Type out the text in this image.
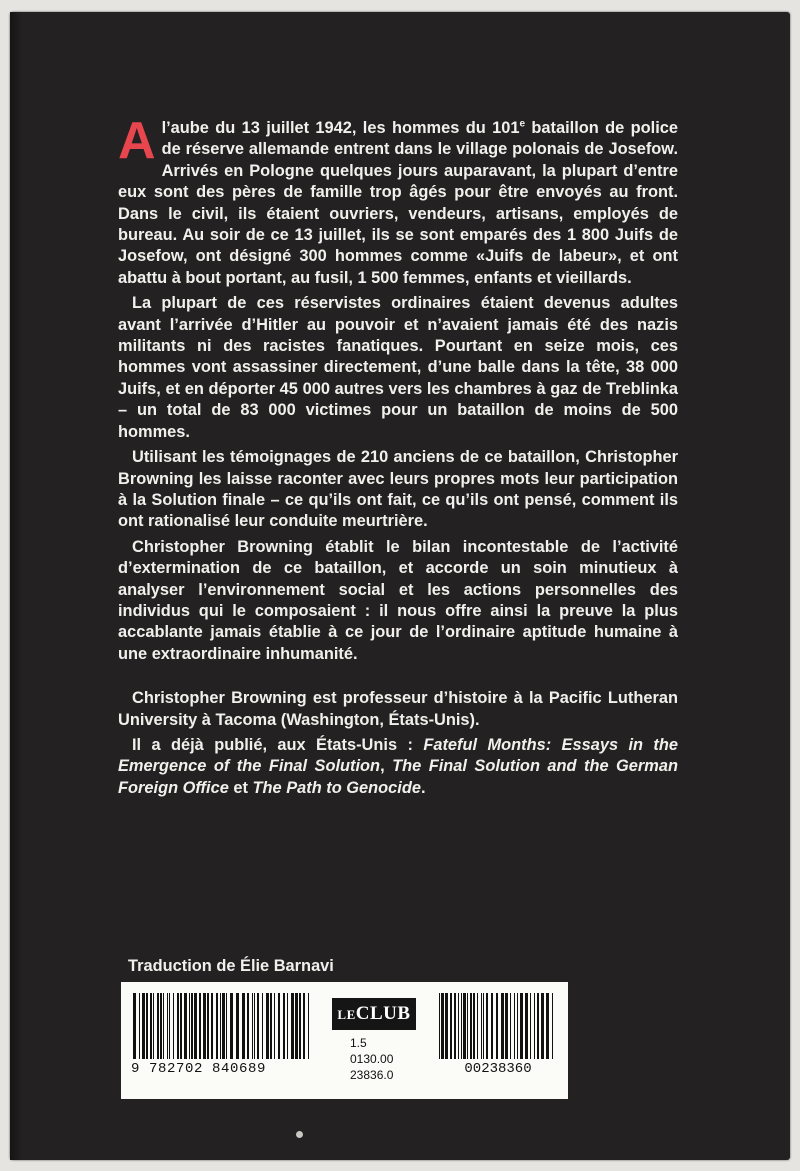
Al’aube du 13 juillet 1942, les hommes du 101e bataillon de police de réserve allemande entrent dans le village polonais de Josefow. Arrivés en Pologne quelques jours auparavant, la plupart d’entre eux sont des pères de famille trop âgés pour être envoyés au front. Dans le civil, ils étaient ouvriers, vendeurs, artisans, employés de bureau. Au soir de ce 13 juillet, ils se sont emparés des 1 800 Juifs de Josefow, ont désigné 300 hommes comme «Juifs de labeur», et ont abattu à bout portant, au fusil, 1 500 femmes, enfants et vieillards.

La plupart de ces réservistes ordinaires étaient devenus adultes avant l’arrivée d’Hitler au pouvoir et n’avaient jamais été des nazis militants ni des racistes fanatiques. Pourtant en seize mois, ces hommes vont assassiner directement, d’une balle dans la tête, 38 000 Juifs, et en déporter 45 000 autres vers les chambres à gaz de Treblinka – un total de 83 000 victimes pour un bataillon de moins de 500 hommes.

Utilisant les témoignages de 210 anciens de ce bataillon, Christopher Browning les laisse raconter avec leurs propres mots leur participation à la Solution finale – ce qu’ils ont fait, ce qu’ils ont pensé, comment ils ont rationalisé leur conduite meurtrière.

Christopher Browning établit le bilan incontestable de l’activité d’extermination de ce bataillon, et accorde un soin minutieux à analyser l’environnement social et les actions personnelles des individus qui le composaient : il nous offre ainsi la preuve la plus accablante jamais établie à ce jour de l’ordinaire aptitude humaine à une extraordinaire inhumanité.

Christopher Browning est professeur d’histoire à la Pacific Lutheran University à Tacoma (Washington, États-Unis).

Il a déjà publié, aux États-Unis : Fateful Months: Essays in the Emergence of the Final Solution, The Final Solution and the German Foreign Office et The Path to Genocide.

Traduction de Élie Barnavi
9 782702 840689
LECLUB
1.5
0130.00
23836.0	00238360
